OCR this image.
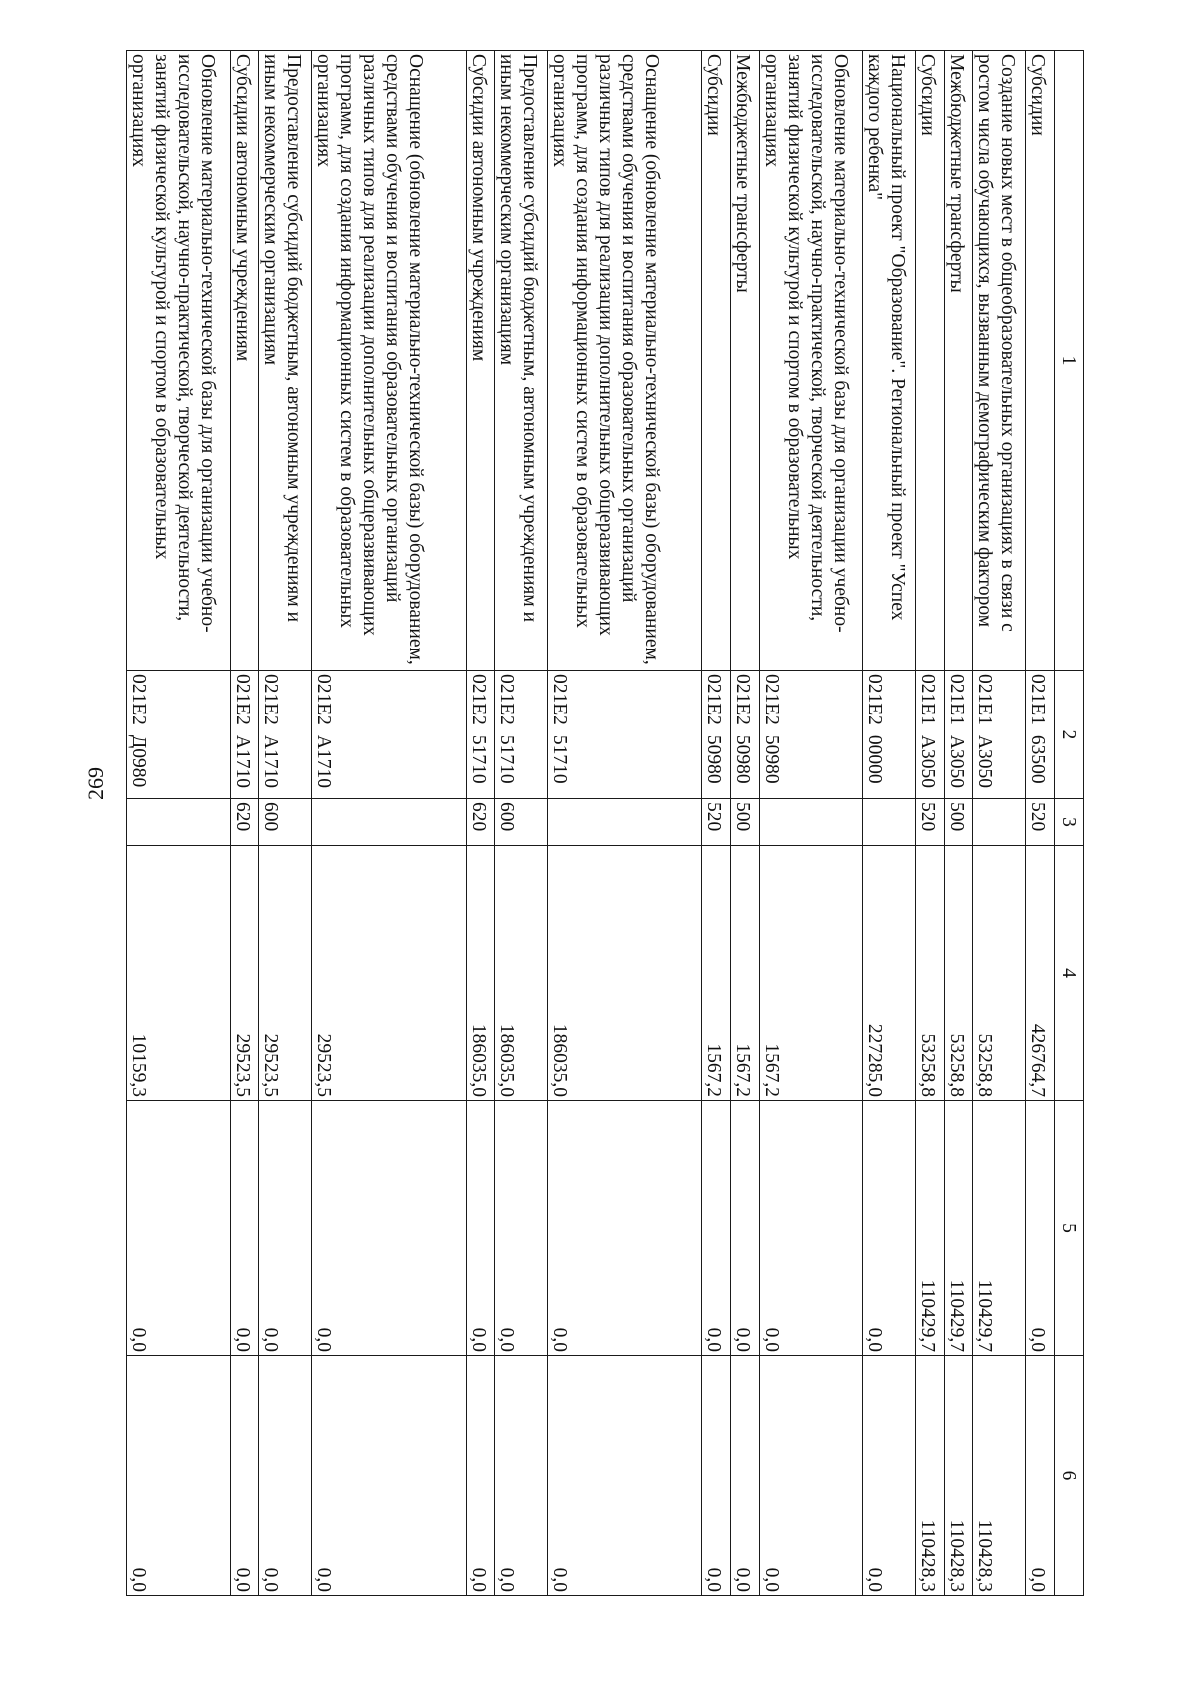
269
1	2	3	4	5	6
Субсидии	021E163500	520	426764,7	0,0	0,0
Создание новых мест в общеобразовательных организациях в связи с ростом числа обучающихся, вызванным демографическим фактором	021E1A3050		53258,8	110429,7	110428,3
Межбюджетные трансферты	021E1A3050	500	53258,8	110429,7	110428,3
Субсидии	021E1A3050	520	53258,8	110429,7	110428,3
Национальный проект "Образование". Региональный проект "Успех каждого ребенка"	021E200000		227285,0	0,0	0,0
Обновление материально-технической базы для организации учебно-исследовательской, научно-практической, творческой деятельности, занятий физической культурой и спортом в образовательных организациях	021E250980		1567,2	0,0	0,0
Межбюджетные трансферты	021E250980	500	1567,2	0,0	0,0
Субсидии	021E250980	520	1567,2	0,0	0,0
Оснащение (обновление материально-технической базы) оборудованием, средствами обучения и воспитания образовательных организаций различных типов для реализации дополнительных общеразвивающих программ, для создания информационных систем в образовательных организациях	021E251710		186035,0	0,0	0,0
Предоставление субсидий бюджетным, автономным учреждениям и иным некоммерческим организациям	021E251710	600	186035,0	0,0	0,0
Субсидии автономным учреждениям	021E251710	620	186035,0	0,0	0,0
Оснащение (обновление материально-технической базы) оборудованием, средствами обучения и воспитания образовательных организаций различных типов для реализации дополнительных общеразвивающих программ, для создания информационных систем в образовательных организациях	021E2A1710		29523,5	0,0	0,0
Предоставление субсидий бюджетным, автономным учреждениям и иным некоммерческим организациям	021E2A1710	600	29523,5	0,0	0,0
Субсидии автономным учреждениям	021E2A1710	620	29523,5	0,0	0,0
Обновление материально-технической базы для организации учебно-исследовательской, научно-практической, творческой деятельности, занятий физической культурой и спортом в образовательных организациях	021E2Д0980		10159,3	0,0	0,0
